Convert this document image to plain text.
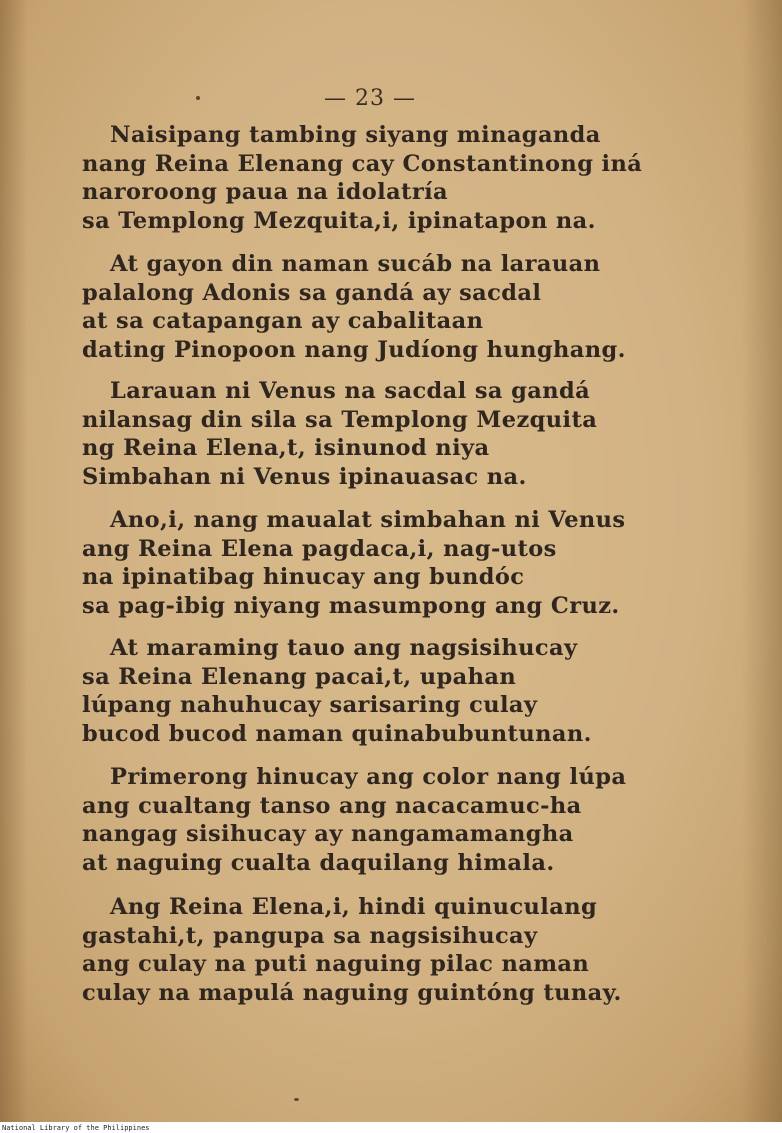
— 23 —
Naisipang tambing siyang minaganda
nang Reina Elenang cay Constantinong iná
naroroong paua na idolatría
sa Templong Mezquita,i, ipinatapon na.
At gayon din naman sucáb na larauan
palalong Adonis sa gandá ay sacdal
at sa catapangan ay cabalitaan
dating Pinopoon nang Judíong hunghang.
Larauan ni Venus na sacdal sa gandá
nilansag din sila sa Templong Mezquita
ng Reina Elena,t, isinunod niya
Simbahan ni Venus ipinauasac na.
Ano,i, nang maualat simbahan ni Venus
ang Reina Elena pagdaca,i, nag-utos
na ipinatibag hinucay ang bundóc
sa pag-ibig niyang masumpong ang Cruz.
At maraming tauo ang nagsisihucay
sa Reina Elenang pacai,t, upahan
lúpang nahuhucay sarisaring culay
bucod bucod naman quinabubuntunan.
Primerong hinucay ang color nang lúpa
ang cualtang tanso ang nacacamuc-ha
nangag sisihucay ay nangamamangha
at naguing cualta daquilang himala.
Ang Reina Elena,i, hindi quinuculang
gastahi,t, pangupa sa nagsisihucay
ang culay na puti naguing pilac naman
culay na mapulá naguing guintóng tunay.
National Library of the Philippines
